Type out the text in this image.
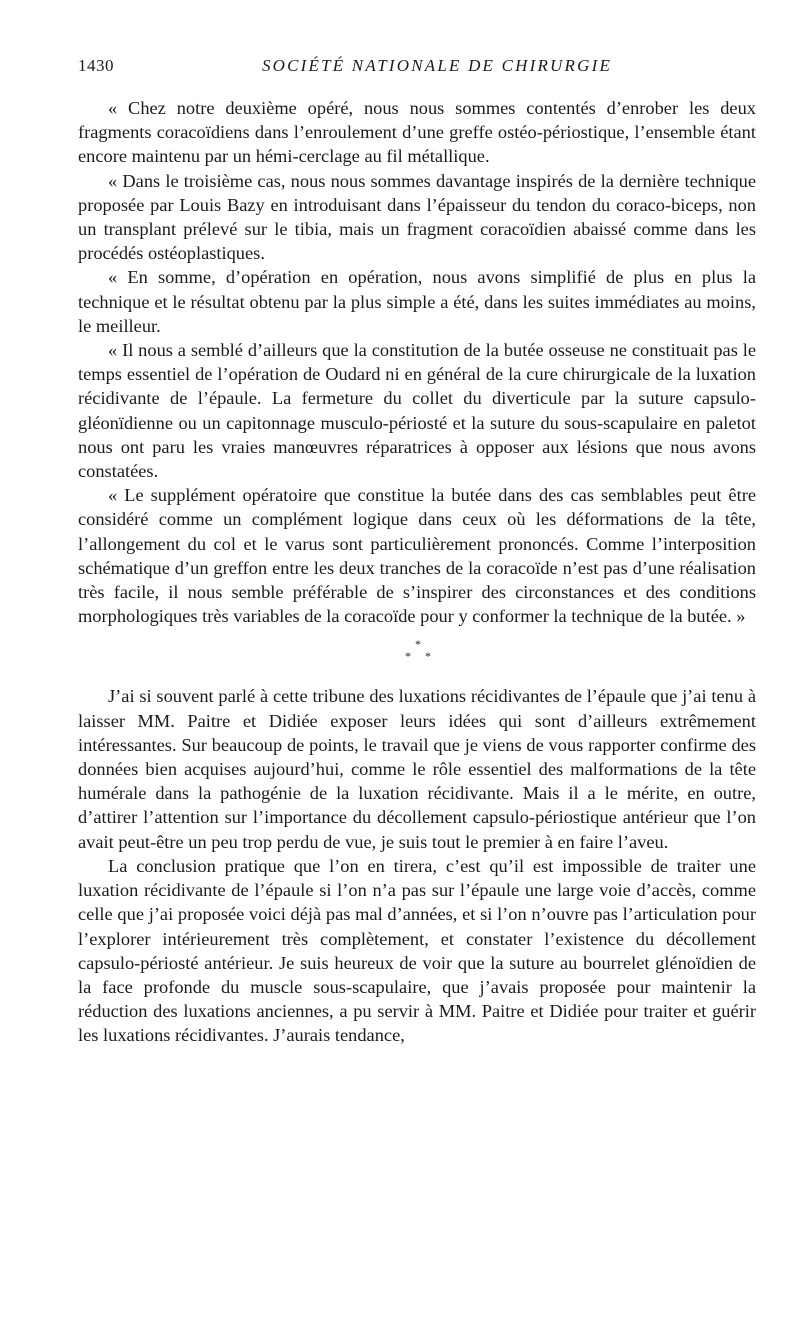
1430	SOCIÉTÉ NATIONALE DE CHIRURGIE

« Chez notre deuxième opéré, nous nous sommes contentés d’enrober les deux fragments coracoïdiens dans l’enroulement d’une greffe ostéo-périostique, l’ensemble étant encore maintenu par un hémi-cerclage au fil métallique.

« Dans le troisième cas, nous nous sommes davantage inspirés de la dernière technique proposée par Louis Bazy en introduisant dans l’épaisseur du tendon du coraco-biceps, non un transplant prélevé sur le tibia, mais un fragment coracoïdien abaissé comme dans les procédés ostéoplastiques.

« En somme, d’opération en opération, nous avons simplifié de plus en plus la technique et le résultat obtenu par la plus simple a été, dans les suites immédiates au moins, le meilleur.

« Il nous a semblé d’ailleurs que la constitution de la butée osseuse ne constituait pas le temps essentiel de l’opération de Oudard ni en général de la cure chirurgicale de la luxation récidivante de l’épaule. La fermeture du collet du diverticule par la suture capsulo-gléonïdienne ou un capitonnage musculo-périosté et la suture du sous-scapulaire en paletot nous ont paru les vraies manœuvres réparatrices à opposer aux lésions que nous avons constatées.

« Le supplément opératoire que constitue la butée dans des cas semblables peut être considéré comme un complément logique dans ceux où les déformations de la tête, l’allongement du col et le varus sont particulièrement prononcés. Comme l’interposition schématique d’un greffon entre les deux tranches de la coracoïde n’est pas d’une réalisation très facile, il nous semble préférable de s’inspirer des circonstances et des conditions morphologiques très variables de la coracoïde pour y conformer la technique de la butée. »

*
* *

J’ai si souvent parlé à cette tribune des luxations récidivantes de l’épaule que j’ai tenu à laisser MM. Paitre et Didiée exposer leurs idées qui sont d’ailleurs extrêmement intéressantes. Sur beaucoup de points, le travail que je viens de vous rapporter confirme des données bien acquises aujourd’hui, comme le rôle essentiel des malformations de la tête humérale dans la pathogénie de la luxation récidivante. Mais il a le mérite, en outre, d’attirer l’attention sur l’importance du décollement capsulo-périostique antérieur que l’on avait peut-être un peu trop perdu de vue, je suis tout le premier à en faire l’aveu.

La conclusion pratique que l’on en tirera, c’est qu’il est impossible de traiter une luxation récidivante de l’épaule si l’on n’a pas sur l’épaule une large voie d’accès, comme celle que j’ai proposée voici déjà pas mal d’années, et si l’on n’ouvre pas l’articulation pour l’explorer intérieurement très complètement, et constater l’existence du décollement capsulo-périosté antérieur. Je suis heureux de voir que la suture au bourrelet glénoïdien de la face profonde du muscle sous-scapulaire, que j’avais proposée pour maintenir la réduction des luxations anciennes, a pu servir à MM. Paitre et Didiée pour traiter et guérir les luxations récidivantes. J’aurais tendance,
